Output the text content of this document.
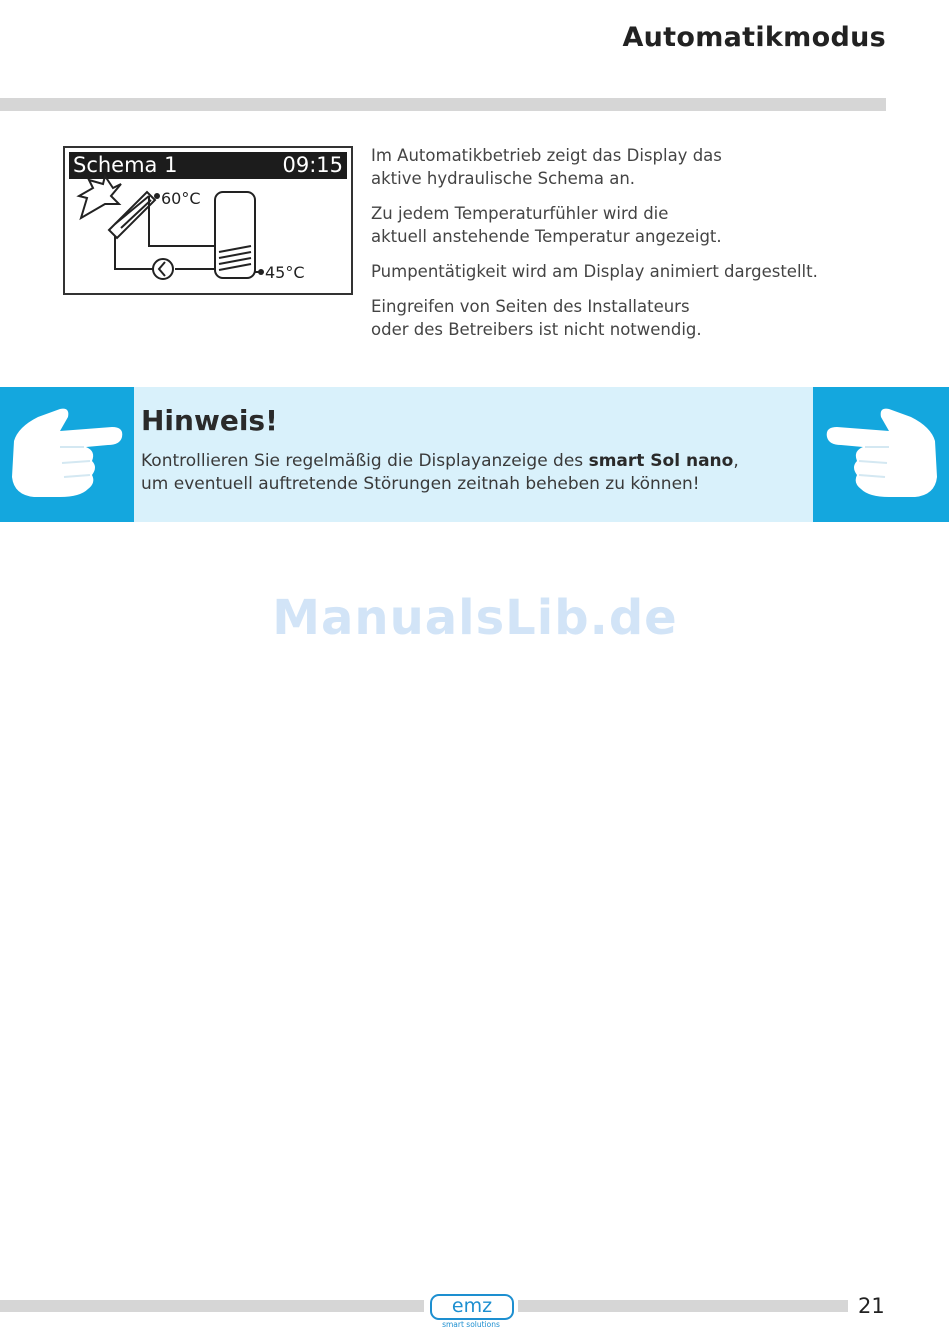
Automatikmodus
Schema 1	09:15
60°C
45°C

Im Automatikbetrieb zeigt das Display das
aktive hydraulische Schema an.

Zu jedem Temperaturfühler wird die
aktuell anstehende Temperatur angezeigt.

Pumpentätigkeit wird am Display animiert dargestellt.

Eingreifen von Seiten des Installateurs
oder des Betreibers ist nicht notwendig.

Hinweis!
Kontrollieren Sie regelmäßig die Displayanzeige des smart Sol nano,
um eventuell auftretende Störungen zeitnah beheben zu können!
ManualsLib.de
emz
smart solutions
21
